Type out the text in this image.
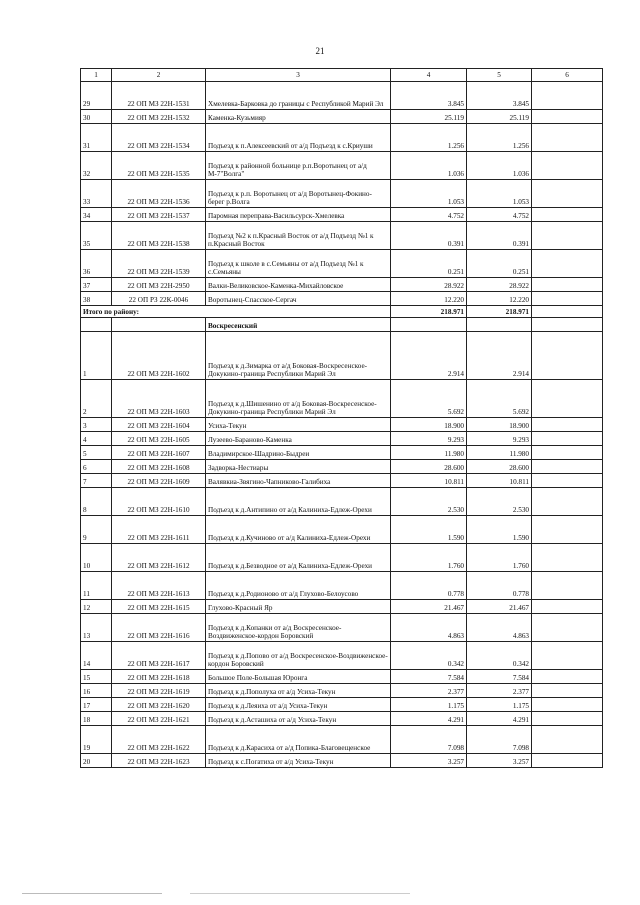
21
1	2	3	4	5	6
29	22 ОП МЗ 22Н-1531	Хмелевка-Барковка до границы с Республикой Марий Эл	3.845	3.845	
30	22 ОП МЗ 22Н-1532	Каменка-Кузьмияр	25.119	25.119	
31	22 ОП МЗ 22Н-1534	Подъезд к п.Алексеевский от а/д Подъезд к с.Криуши	1.256	1.256	
32	22 ОП МЗ 22Н-1535	Подъезд к районной больнице р.п.Воротынец от а/д М-7"Волга"	1.036	1.036	
33	22 ОП МЗ 22Н-1536	Подъезд к р.п. Воротынец от а/д Воротынец-Фокино-берег р.Волга	1.053	1.053	
34	22 ОП МЗ 22Н-1537	Паромная переправа-Васильсурск-Хмелевка	4.752	4.752	
35	22 ОП МЗ 22Н-1538	Подъезд №2 к п.Красный Восток от а/д Подъезд №1 к п.Красный Восток	0.391	0.391	
36	22 ОП МЗ 22Н-1539	Подъезд к школе в с.Семьяны от а/д Подъезд №1 к с.Семьяны	0.251	0.251	
37	22 ОП МЗ 22Н-2950	Валки-Великовское-Каменка-Михайловское	28.922	28.922	
38	22 ОП РЗ 22К-0046	Воротынец-Спасское-Сергач	12.220	12.220	
Итого по району:			218.971	218.971	
		Воскресенский			
1	22 ОП МЗ 22Н-1602	Подъезд к д.Зимарка от а/д Боковая-Воскресенское-Докукино-граница Республики Марий Эл	2.914	2.914	
2	22 ОП МЗ 22Н-1603	Подъезд к д.Шишенино от а/д Боковая-Воскресенское-Докукино-граница Республики Марий Эл	5.692	5.692	
3	22 ОП МЗ 22Н-1604	Усиха-Текун	18.900	18.900	
4	22 ОП МЗ 22Н-1605	Лузеево-Бараново-Каменка	9.293	9.293	
5	22 ОП МЗ 22Н-1607	Владимирское-Шадрино-Быдреи	11.980	11.980	
6	22 ОП МЗ 22Н-1608	Задворка-Нестиары	28.600	28.600	
7	22 ОП МЗ 22Н-1609	Валявкиа-Звягино-Чапниково-Галибиха	10.811	10.811	
8	22 ОП МЗ 22Н-1610	Подъезд к д.Антипино от а/д Калиниха-Едлеж-Орехи	2.530	2.530	
9	22 ОП МЗ 22Н-1611	Подъезд к д.Кучиново от а/д Калиниха-Едлеж-Орехи	1.590	1.590	
10	22 ОП МЗ 22Н-1612	Подъезд к д.Безводное от а/д Калиниха-Едлеж-Орехи	1.760	1.760	
11	22 ОП МЗ 22Н-1613	Подъезд к д.Родионово от а/д Глухово-Белоусово	0.778	0.778	
12	22 ОП МЗ 22Н-1615	Глухово-Красный Яр	21.467	21.467	
13	22 ОП МЗ 22Н-1616	Подъезд к д.Копанки от а/д Воскресенское-Воздвиженское-кордон Боровский	4.863	4.863	
14	22 ОП МЗ 22Н-1617	Подъезд к д.Попово от а/д Воскресенское-Воздвиженское-кордон Боровский	0.342	0.342	
15	22 ОП МЗ 22Н-1618	Большое Поле-Большая Юронга	7.584	7.584	
16	22 ОП МЗ 22Н-1619	Подъезд к д.Пополуха от а/д Усиха-Текун	2.377	2.377	
17	22 ОП МЗ 22Н-1620	Подъезд к д.Леяиха от а/д Усиха-Текун	1.175	1.175	
18	22 ОП МЗ 22Н-1621	Подъезд к д.Асташиха от а/д Усиха-Текун	4.291	4.291	
19	22 ОП МЗ 22Н-1622	Подъезд к д.Карасиха от а/д Попика-Благовещенское	7.098	7.098	
20	22 ОП МЗ 22Н-1623	Подъезд к с.Погатиха от а/д Усиха-Текун	3.257	3.257	
